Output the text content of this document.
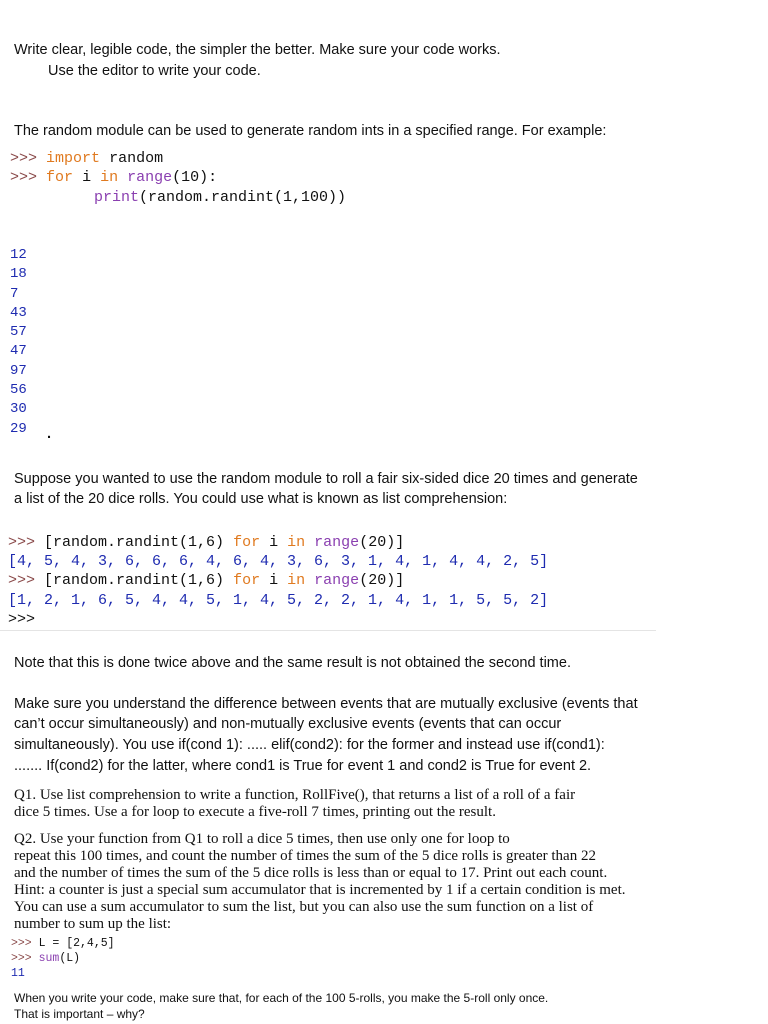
Write clear, legible code, the simpler the better. Make sure your code works.
Use the editor to write your code.
The random module can be used to generate random ints in a specified range. For example:
>>> import random
>>> for i in range(10):
print(random.randint(1,100))
12
18
7
43
57
47
97
56
30
29 .
Suppose you wanted to use the random module to roll a fair six-sided dice 20 times and generate
a list of the 20 dice rolls. You could use what is known as list comprehension:
>>> [random.randint(1,6) for i in range(20)]
[4, 5, 4, 3, 6, 6, 6, 4, 6, 4, 3, 6, 3, 1, 4, 1, 4, 4, 2, 5]
>>> [random.randint(1,6) for i in range(20)]
[1, 2, 1, 6, 5, 4, 4, 5, 1, 4, 5, 2, 2, 1, 4, 1, 1, 5, 5, 2]
>>>
Note that this is done twice above and the same result is not obtained the second time.
Make sure you understand the difference between events that are mutually exclusive (events that
can’t occur simultaneously) and non-mutually exclusive events (events that can occur
simultaneously). You use if(cond 1): ..... elif(cond2): for the former and instead use if(cond1):
....... If(cond2) for the latter, where cond1 is True for event 1 and cond2 is True for event 2.
Q1. Use list comprehension to write a function, RollFive(), that returns a list of a roll of a fair
dice 5 times. Use a for loop to execute a five-roll 7 times, printing out the result.
Q2. Use your function from Q1 to roll a dice 5 times, then use only one for loop to
repeat this 100 times, and count the number of times the sum of the 5 dice rolls is greater than 22
and the number of times the sum of the 5 dice rolls is less than or equal to 17. Print out each count.
Hint: a counter is just a special sum accumulator that is incremented by 1 if a certain condition is met.
You can use a sum accumulator to sum the list, but you can also use the sum function on a list of
number to sum up the list:
>>> L = [2,4,5]
>>> sum(L)
11
When you write your code, make sure that, for each of the 100 5-rolls, you make the 5-roll only once.
That is important – why?
